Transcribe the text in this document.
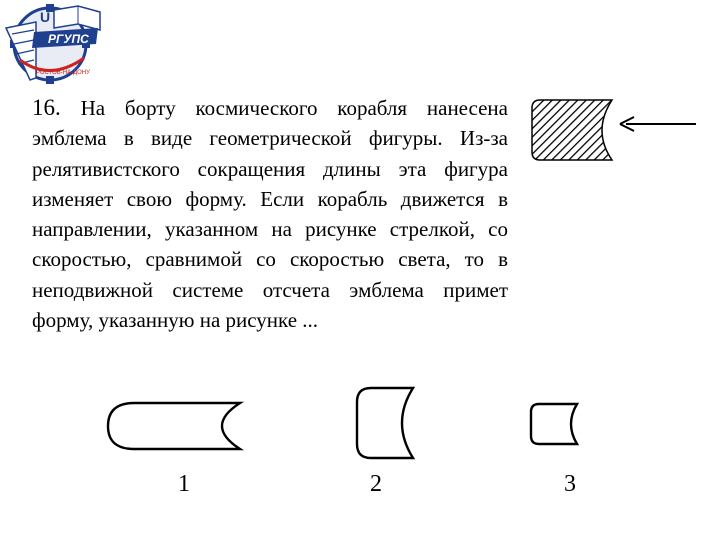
РГУПС
РОСТОВ-НА-ДОНУ
U

16. На борту космического корабля нанесена эмблема в виде геометрической фигуры. Из-за релятивистского сокращения длины эта фигура изменяет свою форму. Если корабль движется в направлении, указанном на рисунке стрелкой, со скоростью, сравнимой со скоростью света, то в неподвижной системе отсчета эмблема примет форму, указанную на рисунке ...

1	2	3
